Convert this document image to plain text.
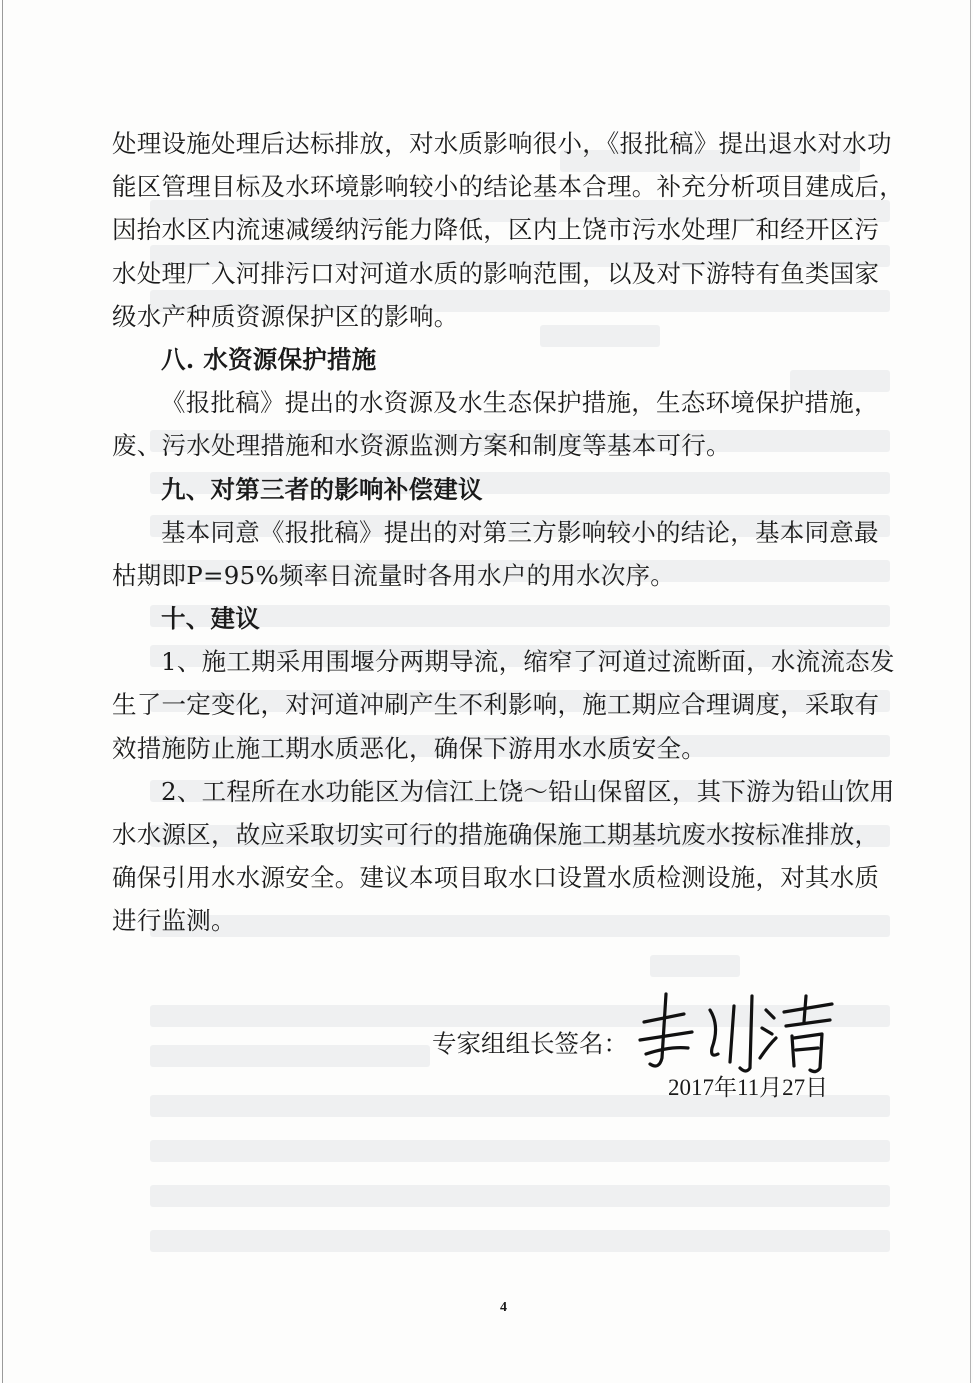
处理设施处理后达标排放，对水质影响很小，《报批稿》提出退水对水功
能区管理目标及水环境影响较小的结论基本合理。补充分析项目建成后，
因抬水区内流速减缓纳污能力降低，区内上饶市污水处理厂和经开区污
水处理厂入河排污口对河道水质的影响范围，以及对下游特有鱼类国家
级水产种质资源保护区的影响。
八. 水资源保护措施
《报批稿》提出的水资源及水生态保护措施，生态环境保护措施，
废、污水处理措施和水资源监测方案和制度等基本可行。
九、对第三者的影响补偿建议
基本同意《报批稿》提出的对第三方影响较小的结论，基本同意最
枯期即P=95%频率日流量时各用水户的用水次序。
十、建议
1、施工期采用围堰分两期导流，缩窄了河道过流断面，水流流态发
生了一定变化，对河道冲刷产生不利影响，施工期应合理调度，采取有
效措施防止施工期水质恶化，确保下游用水水质安全。
2、工程所在水功能区为信江上饶～铅山保留区，其下游为铅山饮用
水水源区，故应采取切实可行的措施确保施工期基坑废水按标准排放，
确保引用水水源安全。建议本项目取水口设置水质检测设施，对其水质
进行监测。
专家组组长签名：
2017年11月27日
4
